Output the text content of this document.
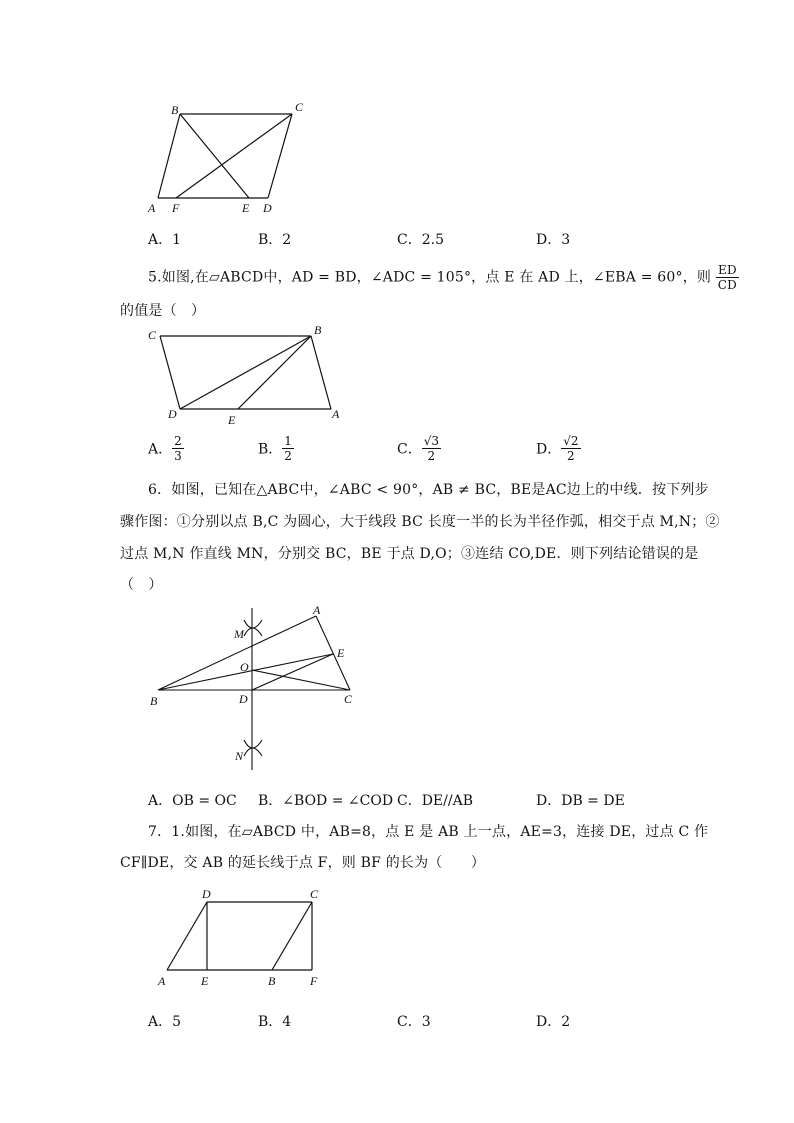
B	C
A F	E D
A．1	B．2	C．2.5	D．3
5.如图,在▱ABCD中，AD = BD，∠ADC = 105°，点 E 在 AD 上，∠EBA = 60°，则 $\frac{ED}{CD}$
的值是（　）
C	B
D	E	A
A． $\frac{2}{3}$	B． $\frac{1}{2}$	C． $\frac{√3}{2}$	D． $\frac{√2}{2}$
6．如图，已知在△ABC中，∠ABC < 90°，AB ≠ BC，BE是AC边上的中线．按下列步
骤作图：①分别以点 B,C 为圆心，大于线段 BC 长度一半的长为半径作弧，相交于点 M,N；②
过点 M,N 作直线 MN，分别交 BC，BE 于点 D,O；③连结 CO,DE．则下列结论错误的是
（　）
A
M
E
O
B	D	C
N
A．OB = OC B．∠BOD = ∠COD C．DE//AB	D．DB = DE
7．1.如图，在▱ABCD 中，AB=8，点 E 是 AB 上一点，AE=3，连接 DE，过点 C 作
CF∥DE，交 AB 的延长线于点 F，则 BF 的长为（　　）
D	C
A	E	B	F
A．5	B．4	C．3	D．2
